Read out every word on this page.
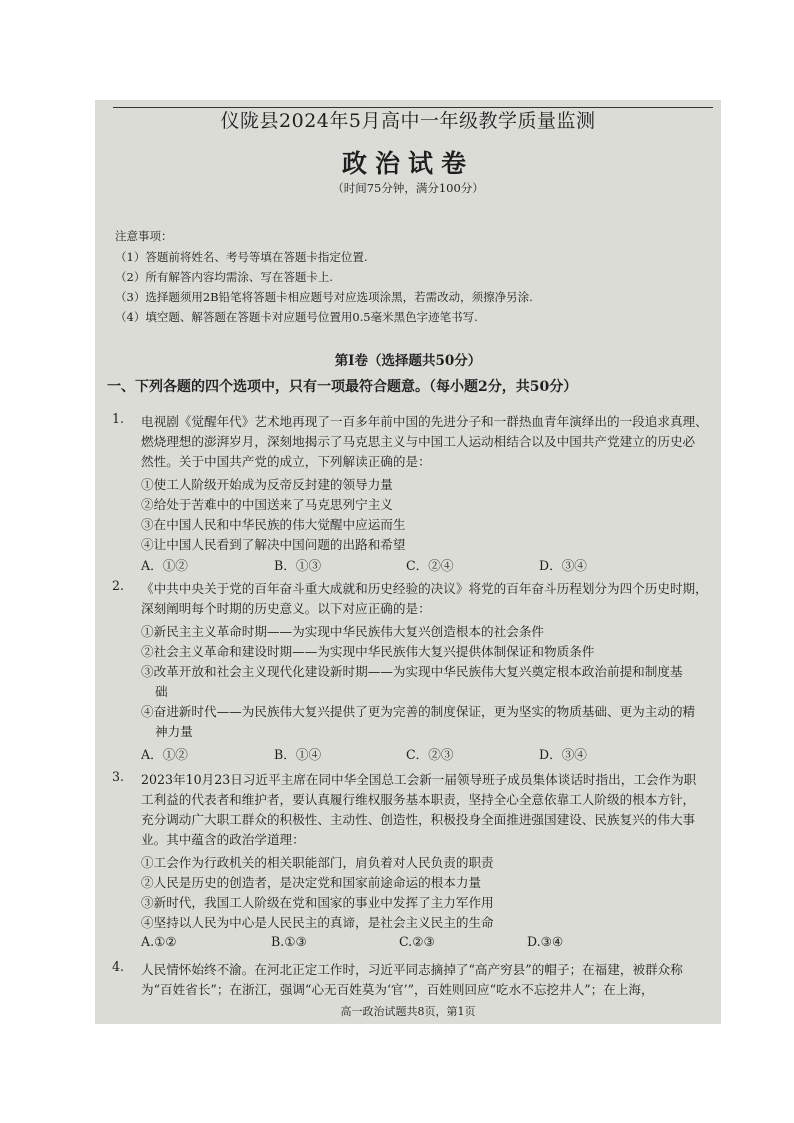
仪陇县2024年5月高中一年级教学质量监测
政治试卷
（时间75分钟，满分100分）
注意事项：
（1）答题前将姓名、考号等填在答题卡指定位置.
（2）所有解答内容均需涂、写在答题卡上.
（3）选择题须用2B铅笔将答题卡相应题号对应选项涂黑，若需改动，须擦净另涂.
（4）填空题、解答题在答题卡对应题号位置用0.5毫米黑色字迹笔书写.
第Ⅰ卷（选择题共50分）
一、下列各题的四个选项中，只有一项最符合题意。（每小题2分，共50分）
1. 电视剧《觉醒年代》艺术地再现了一百多年前中国的先进分子和一群热血青年演绎出的一段追求真理、
燃烧理想的澎湃岁月，深刻地揭示了马克思主义与中国工人运动相结合以及中国共产党建立的历史必
然性。关于中国共产党的成立，下列解读正确的是：
①使工人阶级开始成为反帝反封建的领导力量
②给处于苦难中的中国送来了马克思列宁主义
③在中国人民和中华民族的伟大觉醒中应运而生
④让中国人民看到了解决中国问题的出路和希望
A．①②	B．①③	C．②④	D．③④
2. 《中共中央关于党的百年奋斗重大成就和历史经验的决议》将党的百年奋斗历程划分为四个历史时期，
深刻阐明每个时期的历史意义。以下对应正确的是：
①新民主主义革命时期——为实现中华民族伟大复兴创造根本的社会条件
②社会主义革命和建设时期——为实现中华民族伟大复兴提供体制保证和物质条件
③改革开放和社会主义现代化建设新时期——为实现中华民族伟大复兴奠定根本政治前提和制度基
础
④奋进新时代——为民族伟大复兴提供了更为完善的制度保证，更为坚实的物质基础、更为主动的精
神力量
A．①②	B．①④	C．②③	D．③④
3. 2023年10月23日习近平主席在同中华全国总工会新一届领导班子成员集体谈话时指出，工会作为职
工利益的代表者和维护者，要认真履行维权服务基本职责，坚持全心全意依靠工人阶级的根本方针，
充分调动广大职工群众的积极性、主动性、创造性，积极投身全面推进强国建设、民族复兴的伟大事
业。其中蕴含的政治学道理：
①工会作为行政机关的相关职能部门，肩负着对人民负责的职责
②人民是历史的创造者，是决定党和国家前途命运的根本力量
③新时代，我国工人阶级在党和国家的事业中发挥了主力军作用
④坚持以人民为中心是人民民主的真谛，是社会主义民主的生命
A.①②	B.①③	C.②③	D.③④
4. 人民情怀始终不渝。在河北正定工作时，习近平同志摘掉了“高产穷县”的帽子；在福建，被群众称
为“百姓省长”；在浙江，强调“心无百姓莫为‘官’”，百姓则回应“吃水不忘挖井人”；在上海，
高一政治试题共8页，第1页
